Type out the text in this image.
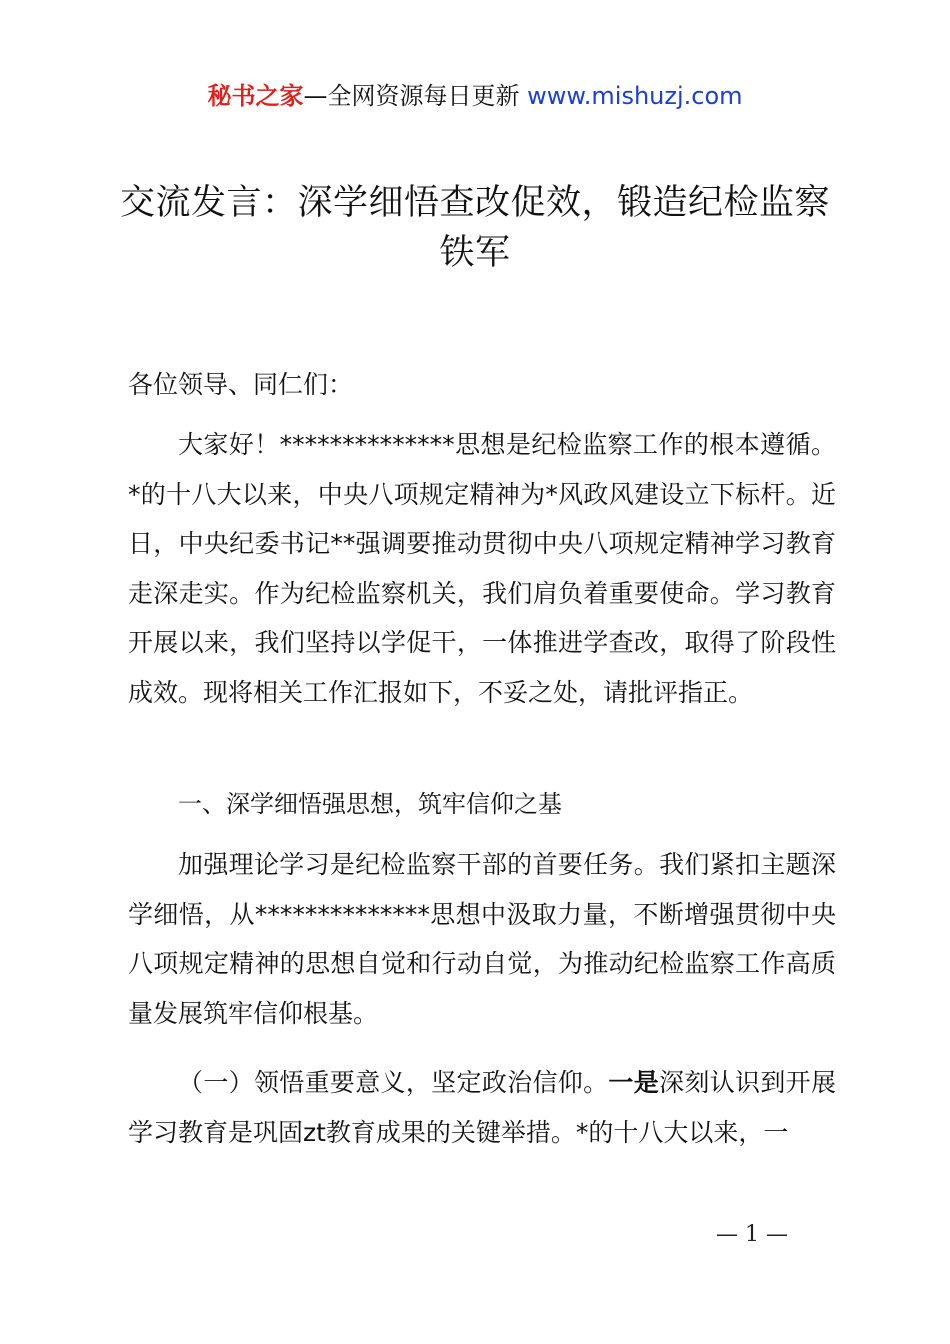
秘书之家—全网资源每日更新 www.mishuzj.com
交流发言：深学细悟查改促效，锻造纪检监察
铁军

各位领导、同仁们：

大家好！**************思想是纪检监察工作的根本遵循。*的十八大以来，中央八项规定精神为*风政风建设立下标杆。近日，中央纪委书记**强调要推动贯彻中央八项规定精神学习教育走深走实。作为纪检监察机关，我们肩负着重要使命。学习教育开展以来，我们坚持以学促干，一体推进学查改，取得了阶段性成效。现将相关工作汇报如下，不妥之处，请批评指正。

一、深学细悟强思想，筑牢信仰之基

加强理论学习是纪检监察干部的首要任务。我们紧扣主题深学细悟，从**************思想中汲取力量，不断增强贯彻中央八项规定精神的思想自觉和行动自觉，为推动纪检监察工作高质量发展筑牢信仰根基。

（一）领悟重要意义，坚定政治信仰。一是深刻认识到开展学习教育是巩固zt教育成果的关键举措。*的十八大以来，一

— 1 —
